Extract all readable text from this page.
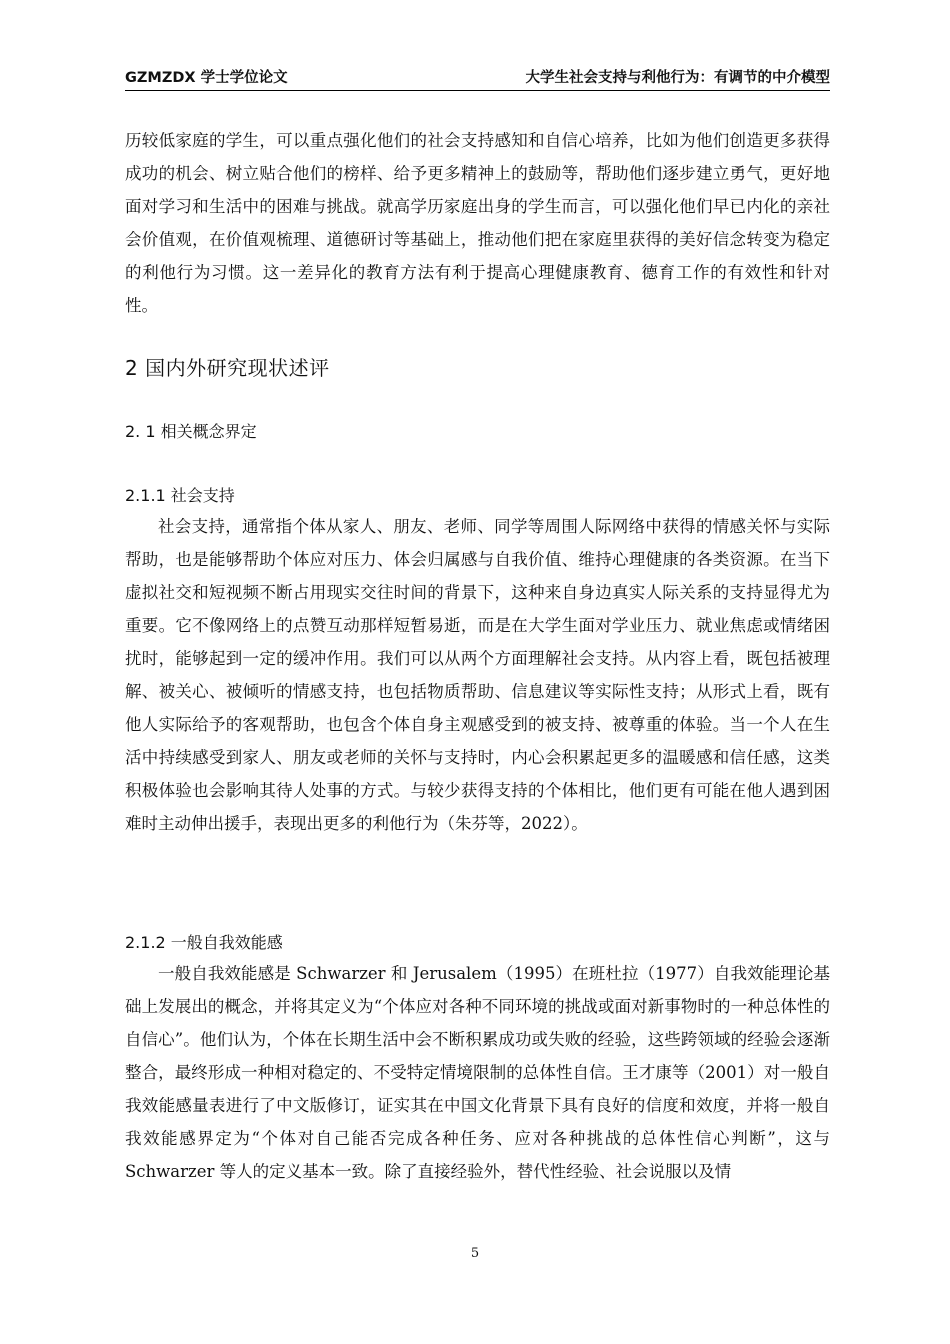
GZMZDX 学士学位论文	大学生社会支持与利他行为：有调节的中介模型

历较低家庭的学生，可以重点强化他们的社会支持感知和自信心培养，比如为他们创造更多获得成功的机会、树立贴合他们的榜样、给予更多精神上的鼓励等，帮助他们逐步建立勇气，更好地面对学习和生活中的困难与挑战。就高学历家庭出身的学生而言，可以强化他们早已内化的亲社会价值观，在价值观梳理、道德研讨等基础上，推动他们把在家庭里获得的美好信念转变为稳定的利他行为习惯。这一差异化的教育方法有利于提高心理健康教育、德育工作的有效性和针对性。

2 国内外研究现状述评
2. 1 相关概念界定
2.1.1 社会支持

社会支持，通常指个体从家人、朋友、老师、同学等周围人际网络中获得的情感关怀与实际帮助，也是能够帮助个体应对压力、体会归属感与自我价值、维持心理健康的各类资源。在当下虚拟社交和短视频不断占用现实交往时间的背景下，这种来自身边真实人际关系的支持显得尤为重要。它不像网络上的点赞互动那样短暂易逝，而是在大学生面对学业压力、就业焦虑或情绪困扰时，能够起到一定的缓冲作用。我们可以从两个方面理解社会支持。从内容上看，既包括被理解、被关心、被倾听的情感支持，也包括物质帮助、信息建议等实际性支持；从形式上看，既有他人实际给予的客观帮助，也包含个体自身主观感受到的被支持、被尊重的体验。当一个人在生活中持续感受到家人、朋友或老师的关怀与支持时，内心会积累起更多的温暖感和信任感，这类积极体验也会影响其待人处事的方式。与较少获得支持的个体相比，他们更有可能在他人遇到困难时主动伸出援手，表现出更多的利他行为（朱芬等，2022）。

2.1.2 一般自我效能感

一般自我效能感是 Schwarzer 和 Jerusalem（1995）在班杜拉（1977）自我效能理论基础上发展出的概念，并将其定义为“个体应对各种不同环境的挑战或面对新事物时的一种总体性的自信心”。他们认为，个体在长期生活中会不断积累成功或失败的经验，这些跨领域的经验会逐渐整合，最终形成一种相对稳定的、不受特定情境限制的总体性自信。王才康等（2001）对一般自我效能感量表进行了中文版修订，证实其在中国文化背景下具有良好的信度和效度，并将一般自我效能感界定为“个体对自己能否完成各种任务、应对各种挑战的总体性信心判断”，这与 Schwarzer 等人的定义基本一致。除了直接经验外，替代性经验、社会说服以及情

5
